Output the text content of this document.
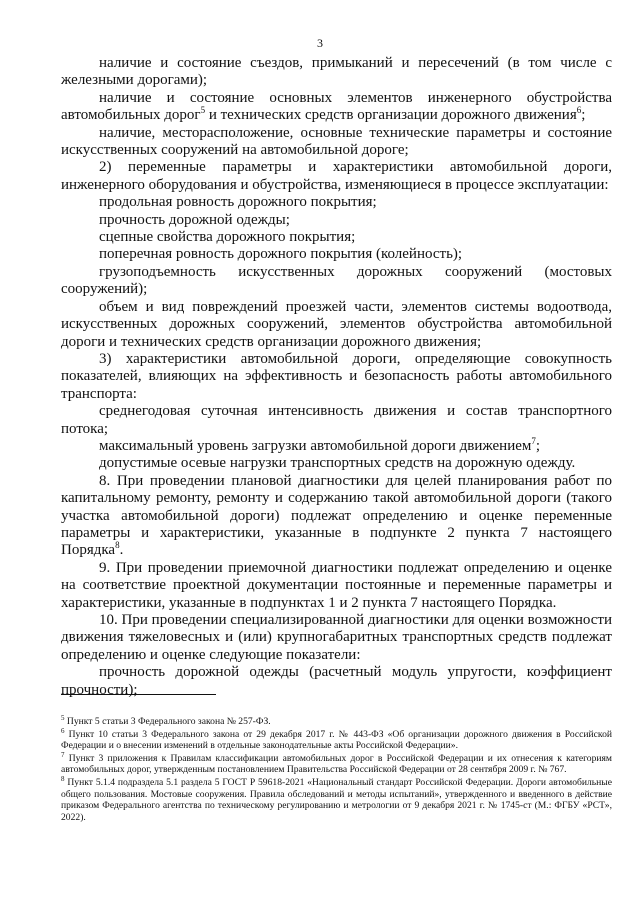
3

наличие и состояние съездов, примыканий и пересечений (в том числе с железными дорогами);

наличие и состояние основных элементов инженерного обустройства автомобильных дорог$^5$ и технических средств организации дорожного движения$^6$;

наличие, месторасположение, основные технические параметры и состояние искусственных сооружений на автомобильной дороге;

2) переменные параметры и характеристики автомобильной дороги, инженерного оборудования и обустройства, изменяющиеся в процессе эксплуатации:

продольная ровность дорожного покрытия;

прочность дорожной одежды;

сцепные свойства дорожного покрытия;

поперечная ровность дорожного покрытия (колейность);

грузоподъемность искусственных дорожных сооружений (мостовых сооружений);

объем и вид повреждений проезжей части, элементов системы водоотвода, искусственных дорожных сооружений, элементов обустройства автомобильной дороги и технических средств организации дорожного движения;

3) характеристики автомобильной дороги, определяющие совокупность показателей, влияющих на эффективность и безопасность работы автомобильного транспорта:

среднегодовая суточная интенсивность движения и состав транспортного потока;

максимальный уровень загрузки автомобильной дороги движением$^7$;

допустимые осевые нагрузки транспортных средств на дорожную одежду.

8. При проведении плановой диагностики для целей планирования работ по капитальному ремонту, ремонту и содержанию такой автомобильной дороги (такого участка автомобильной дороги) подлежат определению и оценке переменные параметры и характеристики, указанные в подпункте 2 пункта 7 настоящего Порядка$^8$.

9. При проведении приемочной диагностики подлежат определению и оценке на соответствие проектной документации постоянные и переменные параметры и характеристики, указанные в подпунктах 1 и 2 пункта 7 настоящего Порядка.

10. При проведении специализированной диагностики для оценки возможности движения тяжеловесных и (или) крупногабаритных транспортных средств подлежат определению и оценке следующие показатели:

прочность дорожной одежды (расчетный модуль упругости, коэффициент прочности);

$^5$ Пункт 5 статьи 3 Федерального закона № 257-ФЗ.

$^6$ Пункт 10 статьи 3 Федерального закона от 29 декабря 2017 г. № 443-ФЗ «Об организации дорожного движения в Российской Федерации и о внесении изменений в отдельные законодательные акты Российской Федерации».

$^7$ Пункт 3 приложения к Правилам классификации автомобильных дорог в Российской Федерации и их отнесения к категориям автомобильных дорог, утвержденным постановлением Правительства Российской Федерации от 28 сентября 2009 г. № 767.

$^8$ Пункт 5.1.4 подраздела 5.1 раздела 5 ГОСТ Р 59618-2021 «Национальный стандарт Российской Федерации. Дороги автомобильные общего пользования. Мостовые сооружения. Правила обследований и методы испытаний», утвержденного и введенного в действие приказом Федерального агентства по техническому регулированию и метрологии от 9 декабря 2021 г. № 1745-ст (М.: ФГБУ «РСТ», 2022).
